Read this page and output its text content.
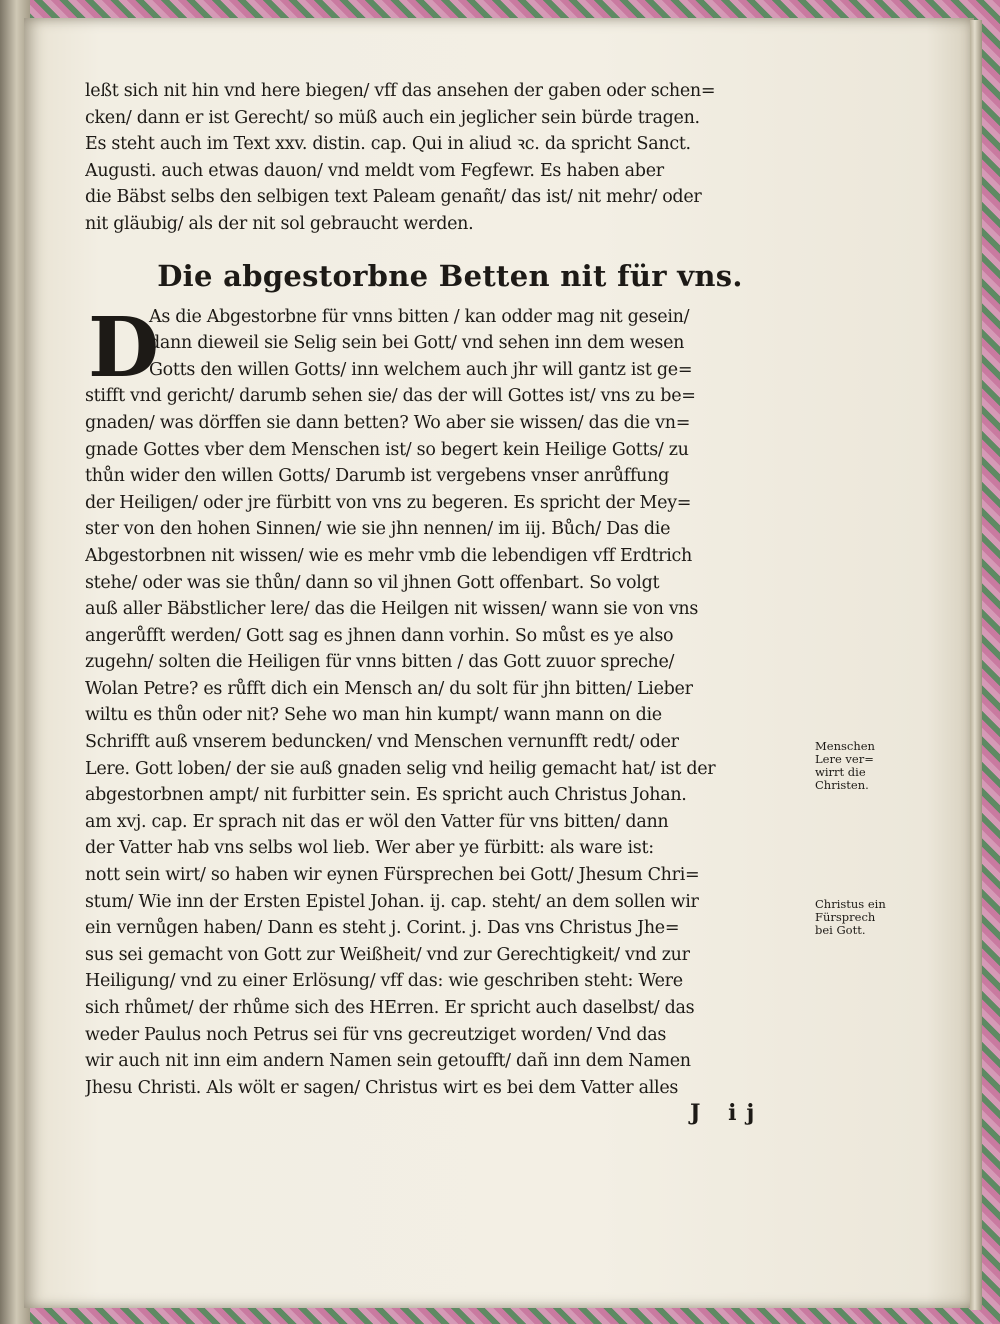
leßt sich nit hin vnd here biegen/ vff das ansehen der gaben oder schen=
cken/ dann er ist Gerecht/ so müß auch ein jeglicher sein bürde tragen.
Es steht auch im Text xxv. distin. cap. Qui in aliud ꝛc. da spricht Sanct.
Augusti. auch etwas dauon/ vnd meldt vom Fegfewr. Es haben aber
die Bäbst selbs den selbigen text Paleam genañt/ das ist/ nit mehr/ oder
nit gläubig/ als der nit sol gebraucht werden.
Die abgestorbne Betten nit für vns.
As die Abgestorbne für vnns bitten / kan odder mag nit gesein/
dann dieweil sie Selig sein bei Gott/ vnd sehen inn dem wesen
Gotts den willen Gotts/ inn welchem auch jhr will gantz ist ge=
stifft vnd gericht/ darumb sehen sie/ das der will Gottes ist/ vns zu be=
gnaden/ was dörffen sie dann betten? Wo aber sie wissen/ das die vn=
gnade Gottes vber dem Menschen ist/ so begert kein Heilige Gotts/ zu
thůn wider den willen Gotts/ Darumb ist vergebens vnser anrůffung
der Heiligen/ oder jre fürbitt von vns zu begeren. Es spricht der Mey=
ster von den hohen Sinnen/ wie sie jhn nennen/ im iij. Bůch/ Das die
Abgestorbnen nit wissen/ wie es mehr vmb die lebendigen vff Erdtrich
stehe/ oder was sie thůn/ dann so vil jhnen Gott offenbart. So volgt
auß aller Bäbstlicher lere/ das die Heilgen nit wissen/ wann sie von vns
angerůfft werden/ Gott sag es jhnen dann vorhin. So můst es ye also
zugehn/ solten die Heiligen für vnns bitten / das Gott zuuor spreche/
Wolan Petre? es růfft dich ein Mensch an/ du solt für jhn bitten/ Lieber
wiltu es thůn oder nit? Sehe wo man hin kumpt/ wann mann on die
Schrifft auß vnserem beduncken/ vnd Menschen vernunfft redt/ oder
Lere. Gott loben/ der sie auß gnaden selig vnd heilig gemacht hat/ ist der
abgestorbnen ampt/ nit furbitter sein. Es spricht auch Christus Johan.
am xvj. cap. Er sprach nit das er wöl den Vatter für vns bitten/ dann
der Vatter hab vns selbs wol lieb. Wer aber ye fürbitt: als ware ist:
nott sein wirt/ so haben wir eynen Fürsprechen bei Gott/ Jhesum Chri=
stum/ Wie inn der Ersten Epistel Johan. ij. cap. steht/ an dem sollen wir
ein vernůgen haben/ Dann es steht j. Corint. j. Das vns Christus Jhe=
sus sei gemacht von Gott zur Weißheit/ vnd zur Gerechtigkeit/ vnd zur
Heiligung/ vnd zu einer Erlösung/ vff das: wie geschriben steht: Were
sich rhůmet/ der rhůme sich des HErren. Er spricht auch daselbst/ das
weder Paulus noch Petrus sei für vns gecreutziget worden/ Vnd das
wir auch nit inn eim andern Namen sein getoufft/ dañ inn dem Namen
Jhesu Christi. Als wölt er sagen/ Christus wirt es bei dem Vatter alles
D
Menschen
Lere ver=
wirrt die
Christen.
Christus ein
Fürsprech
bei Gott.
J ij
